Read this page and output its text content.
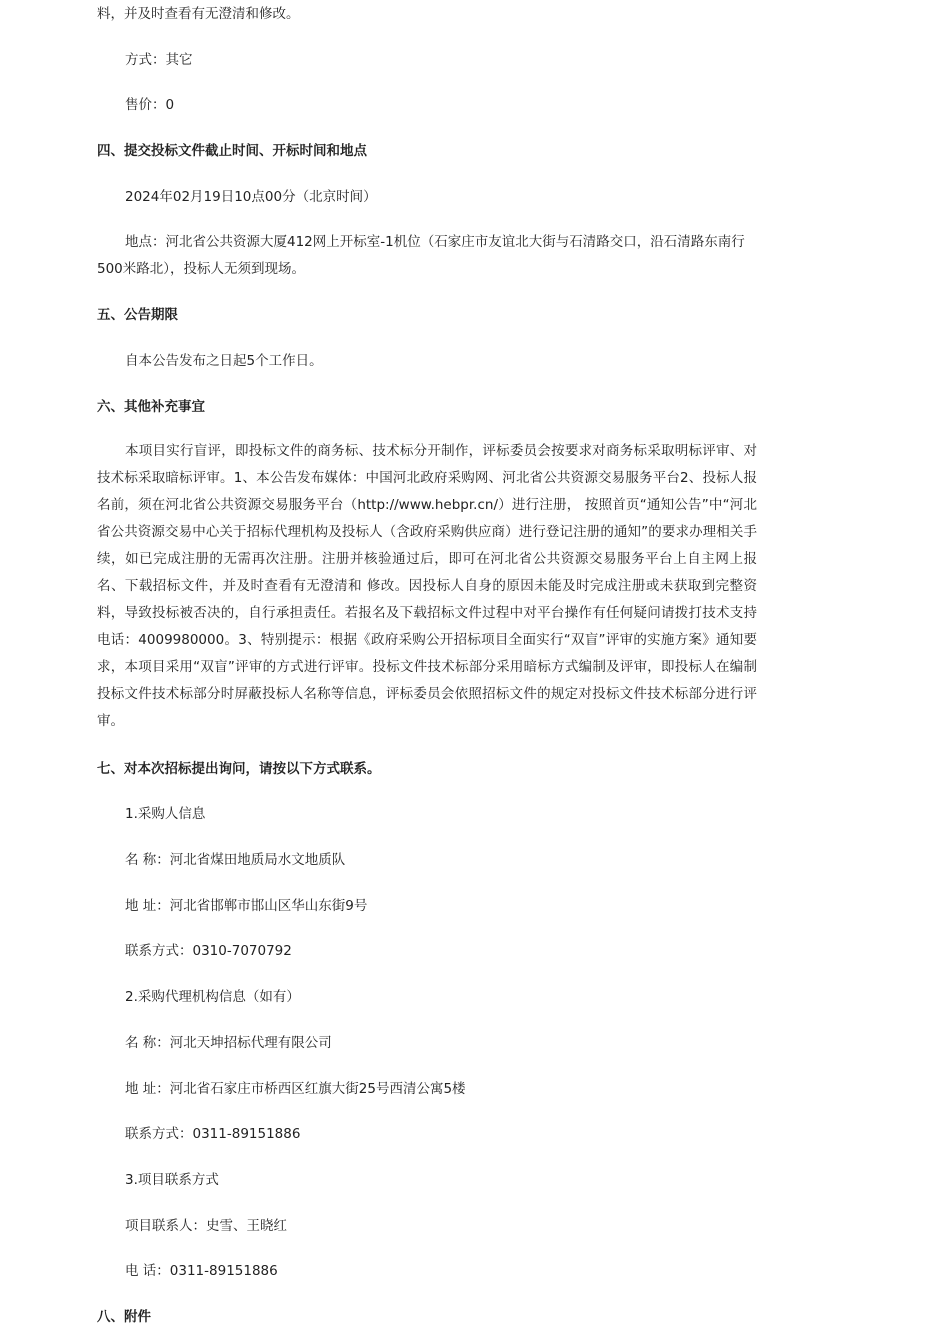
料，并及时查看有无澄清和修改。
方式：其它
售价：0
四、提交投标文件截止时间、开标时间和地点
2024年02月19日10点00分（北京时间）
地点：河北省公共资源大厦412网上开标室-1机位（石家庄市友谊北大街与石清路交口，沿石清路东南行
500米路北），投标人无须到现场。
五、公告期限
自本公告发布之日起5个工作日。
六、其他补充事宜
本项目实行盲评，即投标文件的商务标、技术标分开制作，评标委员会按要求对商务标采取明标评审、对技术标采取暗标评审。1、本公告发布媒体：中国河北政府采购网、河北省公共资源交易服务平台2、投标人报名前，须在河北省公共资源交易服务平台（http://www.hebpr.cn/）进行注册， 按照首页“通知公告”中“河北省公共资源交易中心关于招标代理机构及投标人（含政府采购供应商）进行登记注册的通知”的要求办理相关手续，如已完成注册的无需再次注册。注册并核验通过后，即可在河北省公共资源交易服务平台上自主网上报名、下载招标文件，并及时查看有无澄清和 修改。因投标人自身的原因未能及时完成注册或未获取到完整资料，导致投标被否决的，自行承担责任。若报名及下载招标文件过程中对平台操作有任何疑问请拨打技术支持电话：4009980000。3、特别提示：根据《政府采购公开招标项目全面实行“双盲”评审的实施方案》通知要求，本项目采用“双盲”评审的方式进行评审。投标文件技术标部分采用暗标方式编制及评审，即投标人在编制投标文件技术标部分时屏蔽投标人名称等信息，评标委员会依照招标文件的规定对投标文件技术标部分进行评审。
七、对本次招标提出询问，请按以下方式联系。
1.采购人信息
名 称：河北省煤田地质局水文地质队
地 址：河北省邯郸市邯山区华山东街9号
联系方式：0310-7070792
2.采购代理机构信息（如有）
名 称：河北天坤招标代理有限公司
地 址：河北省石家庄市桥西区红旗大街25号西清公寓5楼
联系方式：0311-89151886
3.项目联系方式
项目联系人：史雪、王晓红
电 话：0311-89151886
八、附件
